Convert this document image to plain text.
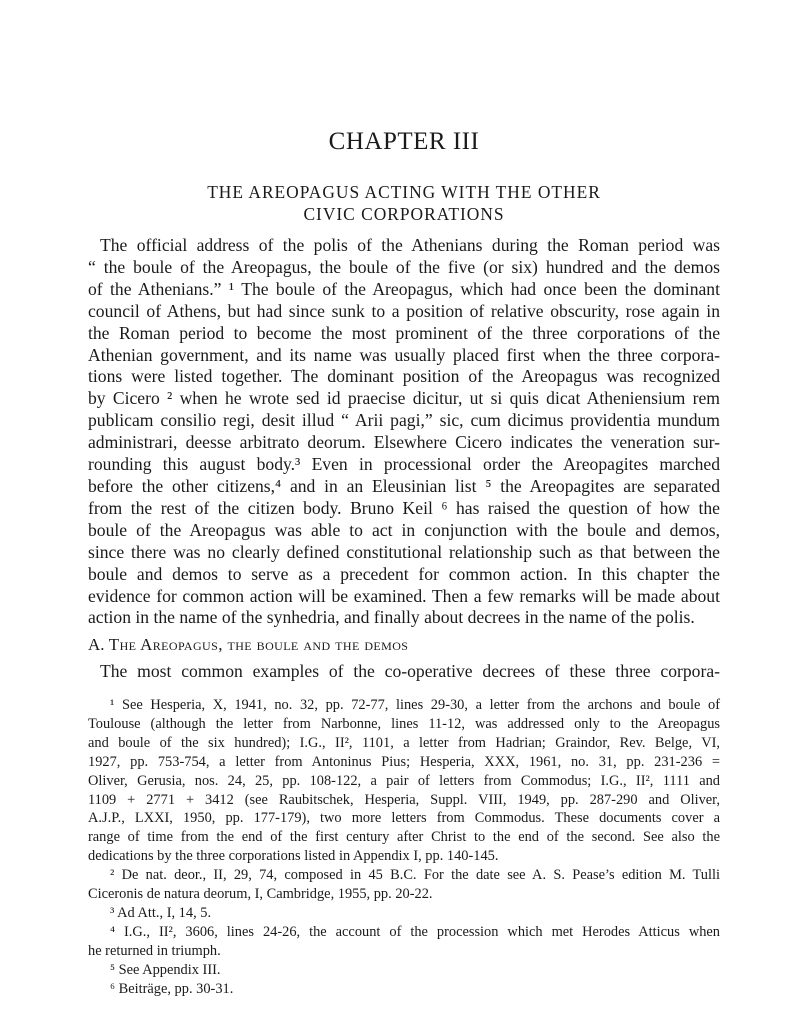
CHAPTER III
THE AREOPAGUS ACTING WITH THE OTHER
CIVIC CORPORATIONS
The official address of the polis of the Athenians during the Roman period was
“ the boule of the Areopagus, the boule of the five (or six) hundred and the demos
of the Athenians.” ¹ The boule of the Areopagus, which had once been the dominant
council of Athens, but had since sunk to a position of relative obscurity, rose again in
the Roman period to become the most prominent of the three corporations of the
Athenian government, and its name was usually placed first when the three corpora-
tions were listed together. The dominant position of the Areopagus was recognized
by Cicero ² when he wrote sed id praecise dicitur, ut si quis dicat Atheniensium rem
publicam consilio regi, desit illud “ Arii pagi,” sic, cum dicimus providentia mundum
administrari, deesse arbitrato deorum. Elsewhere Cicero indicates the veneration sur-
rounding this august body.³ Even in processional order the Areopagites marched
before the other citizens,⁴ and in an Eleusinian list ⁵ the Areopagites are separated
from the rest of the citizen body. Bruno Keil ⁶ has raised the question of how the
boule of the Areopagus was able to act in conjunction with the boule and demos,
since there was no clearly defined constitutional relationship such as that between the
boule and demos to serve as a precedent for common action. In this chapter the
evidence for common action will be examined. Then a few remarks will be made about
action in the name of the synhedria, and finally about decrees in the name of the polis.
A. The Areopagus, the boule and the demos
The most common examples of the co-operative decrees of these three corpora-
¹ See Hesperia, X, 1941, no. 32, pp. 72-77, lines 29-30, a letter from the archons and boule of
Toulouse (although the letter from Narbonne, lines 11-12, was addressed only to the Areopagus
and boule of the six hundred); I.G., II², 1101, a letter from Hadrian; Graindor, Rev. Belge, VI,
1927, pp. 753-754, a letter from Antoninus Pius; Hesperia, XXX, 1961, no. 31, pp. 231-236 =
Oliver, Gerusia, nos. 24, 25, pp. 108-122, a pair of letters from Commodus; I.G., II², 1111 and
1109 + 2771 + 3412 (see Raubitschek, Hesperia, Suppl. VIII, 1949, pp. 287-290 and Oliver,
A.J.P., LXXI, 1950, pp. 177-179), two more letters from Commodus. These documents cover a
range of time from the end of the first century after Christ to the end of the second. See also the
dedications by the three corporations listed in Appendix I, pp. 140-145.
² De nat. deor., II, 29, 74, composed in 45 B.C. For the date see A. S. Pease’s edition M. Tulli
Ciceronis de natura deorum, I, Cambridge, 1955, pp. 20-22.
³ Ad Att., I, 14, 5.
⁴ I.G., II², 3606, lines 24-26, the account of the procession which met Herodes Atticus when
he returned in triumph.
⁵ See Appendix III.
⁶ Beiträge, pp. 30-31.
